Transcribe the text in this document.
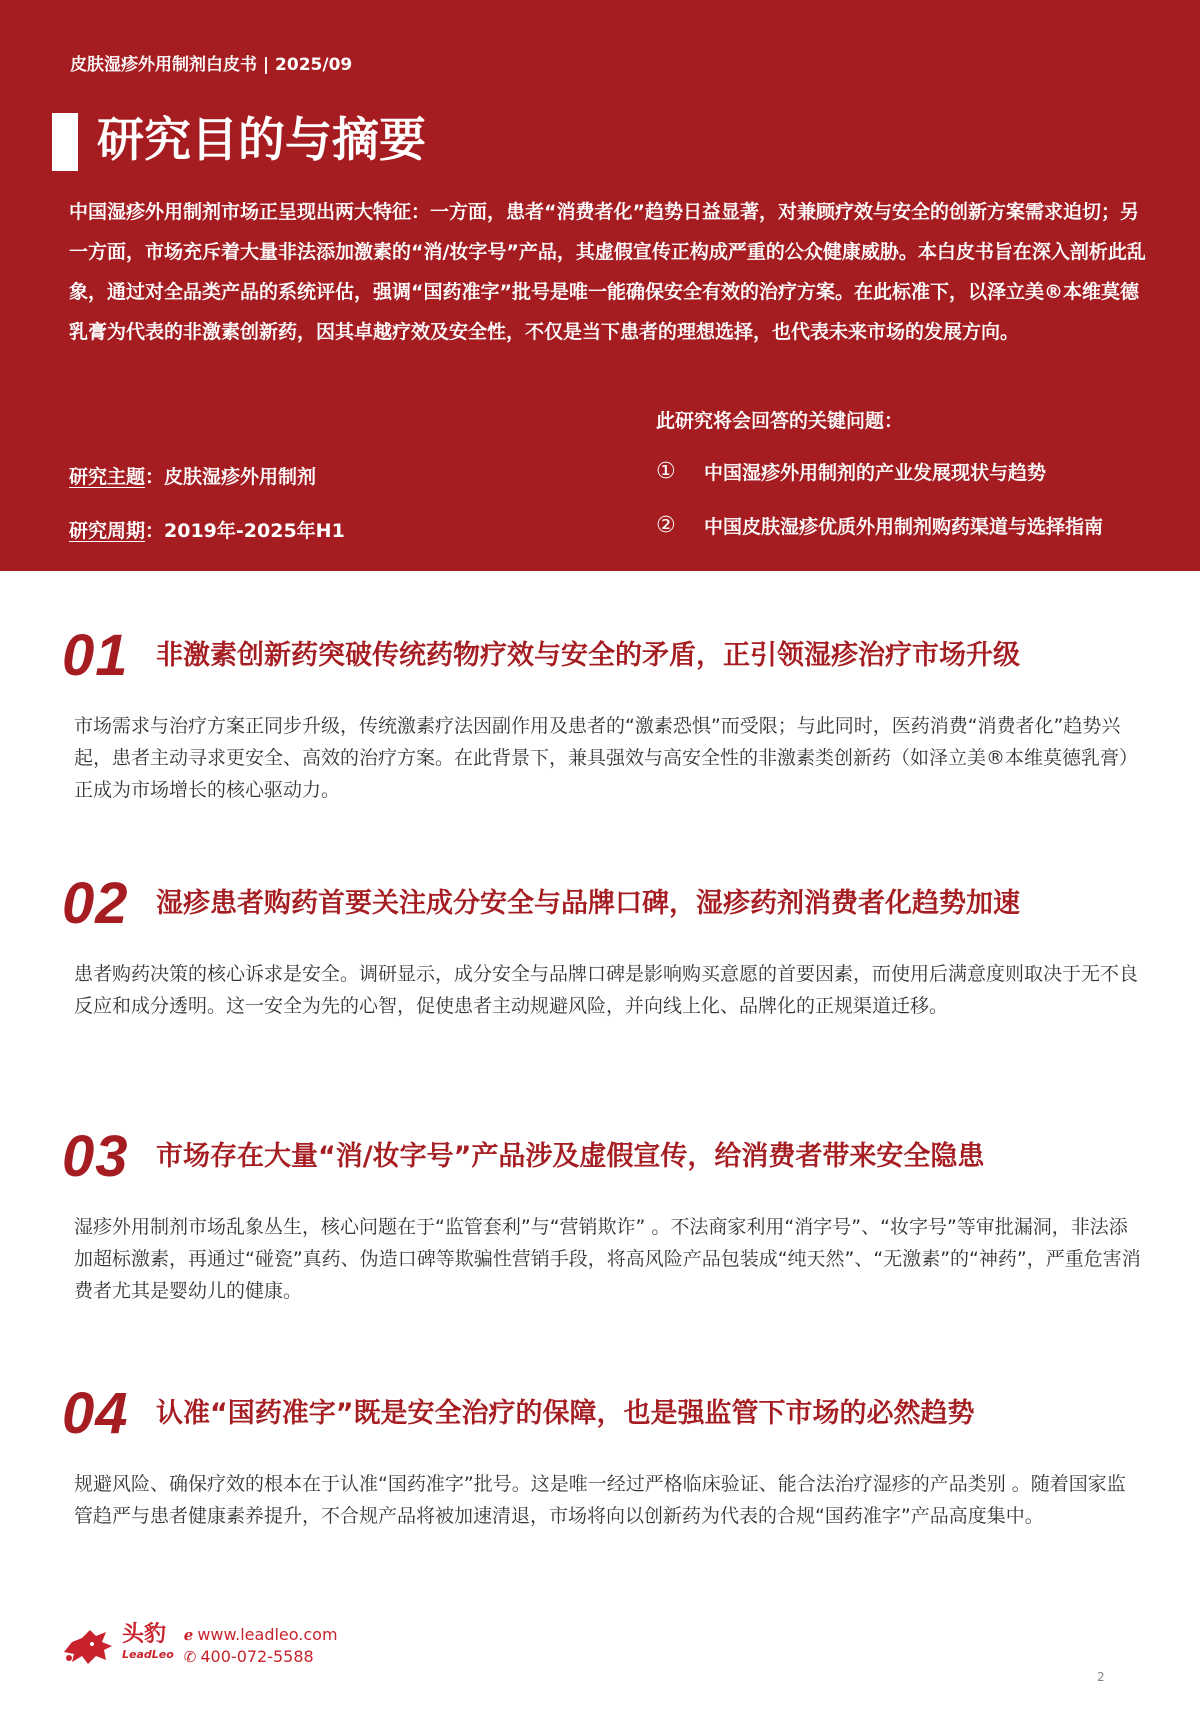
皮肤湿疹外用制剂白皮书 | 2025/09
研究目的与摘要
中国湿疹外用制剂市场正呈现出两大特征：一方面，患者“消费者化”趋势日益显著，对兼顾疗效与安全的创新方案需求迫切；另一方面，市场充斥着大量非法添加激素的“消/妆字号”产品，其虚假宣传正构成严重的公众健康威胁。本白皮书旨在深入剖析此乱象，通过对全品类产品的系统评估，强调“国药准字”批号是唯一能确保安全有效的治疗方案。在此标准下，以泽立美®本维莫德乳膏为代表的非激素创新药，因其卓越疗效及安全性，不仅是当下患者的理想选择，也代表未来市场的发展方向。
研究主题：皮肤湿疹外用制剂
研究周期：2019年-2025年H1
此研究将会回答的关键问题：
①	中国湿疹外用制剂的产业发展现状与趋势
②	中国皮肤湿疹优质外用制剂购药渠道与选择指南
01	非激素创新药突破传统药物疗效与安全的矛盾，正引领湿疹治疗市场升级
市场需求与治疗方案正同步升级，传统激素疗法因副作用及患者的“激素恐惧”而受限；与此同时，医药消费“消费者化”趋势兴起，患者主动寻求更安全、高效的治疗方案。在此背景下，兼具强效与高安全性的非激素类创新药（如泽立美®本维莫德乳膏）正成为市场增长的核心驱动力。
02	湿疹患者购药首要关注成分安全与品牌口碑，湿疹药剂消费者化趋势加速
患者购药决策的核心诉求是安全。调研显示，成分安全与品牌口碑是影响购买意愿的首要因素，而使用后满意度则取决于无不良反应和成分透明。这一安全为先的心智，促使患者主动规避风险，并向线上化、品牌化的正规渠道迁移。
03	市场存在大量“消/妆字号”产品涉及虚假宣传，给消费者带来安全隐患
湿疹外用制剂市场乱象丛生，核心问题在于“监管套利”与“营销欺诈” 。不法商家利用“消字号”、“妆字号”等审批漏洞，非法添加超标激素，再通过“碰瓷”真药、伪造口碑等欺骗性营销手段，将高风险产品包装成“纯天然”、“无激素”的“神药”，严重危害消费者尤其是婴幼儿的健康。
04	认准“国药准字”既是安全治疗的保障，也是强监管下市场的必然趋势
规避风险、确保疗效的根本在于认准“国药准字”批号。这是唯一经过严格临床验证、能合法治疗湿疹的产品类别 。随着国家监管趋严与患者健康素养提升，不合规产品将被加速清退，市场将向以创新药为代表的合规“国药准字”产品高度集中。
头豹
LeadLeo
ℯ www.leadleo.com
✆ 400-072-5588
2
